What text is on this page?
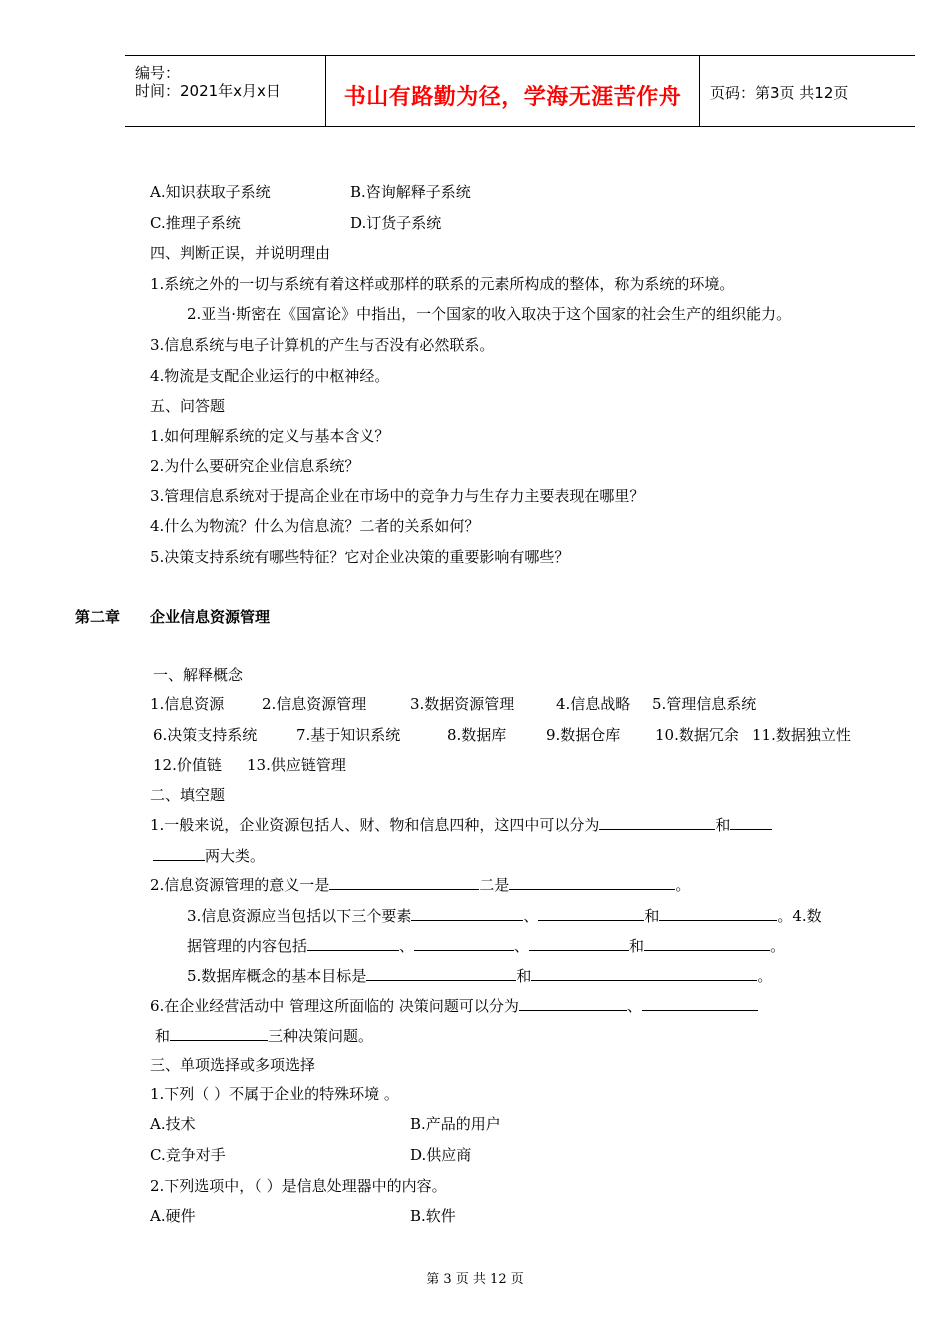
编号：
时间：2021年x月x日	书山有路勤为径，学海无涯苦作舟	页码：第3页 共12页
A.知识获取子系统	B.咨询解释子系统
C.推理子系统	D.订货子系统
四、判断正误，并说明理由
1.系统之外的一切与系统有着这样或那样的联系的元素所构成的整体，称为系统的环境。
2.亚当·斯密在《国富论》中指出，一个国家的收入取决于这个国家的社会生产的组织能力。
3.信息系统与电子计算机的产生与否没有必然联系。
4.物流是支配企业运行的中枢神经。
五、问答题
1.如何理解系统的定义与基本含义？
2.为什么要研究企业信息系统？
3.管理信息系统对于提高企业在市场中的竞争力与生存力主要表现在哪里？
4.什么为物流？什么为信息流？二者的关系如何？
5.决策支持系统有哪些特征？它对企业决策的重要影响有哪些？
第二章 企业信息资源管理
一、解释概念
1.信息资源	2.信息资源管理	3.数据资源管理	4.信息战略 5.管理信息系统
6.决策支持系统	7.基于知识系统	8.数据库	9.数据仓库 10.数据冗余 11.数据独立性
12.价值链 13.供应链管理
二、填空题
1.一般来说，企业资源包括人、财、物和信息四种，这四中可以分为	和
两大类。
2.信息资源管理的意义一是	二是	。
3.信息资源应当包括以下三个要素	、	和	。4.数
据管理的内容包括	、	、	和	。
5.数据库概念的基本目标是	和	。
6.在企业经营活动中 管理这所面临的 决策问题可以分为	、
和	三种决策问题。
三、单项选择或多项选择
1.下列（ ）不属于企业的特殊环境 。
A.技术	B.产品的用户
C.竞争对手	D.供应商
2.下列选项中，（ ）是信息处理器中的内容。
A.硬件	B.软件
第 3 页 共 12 页
